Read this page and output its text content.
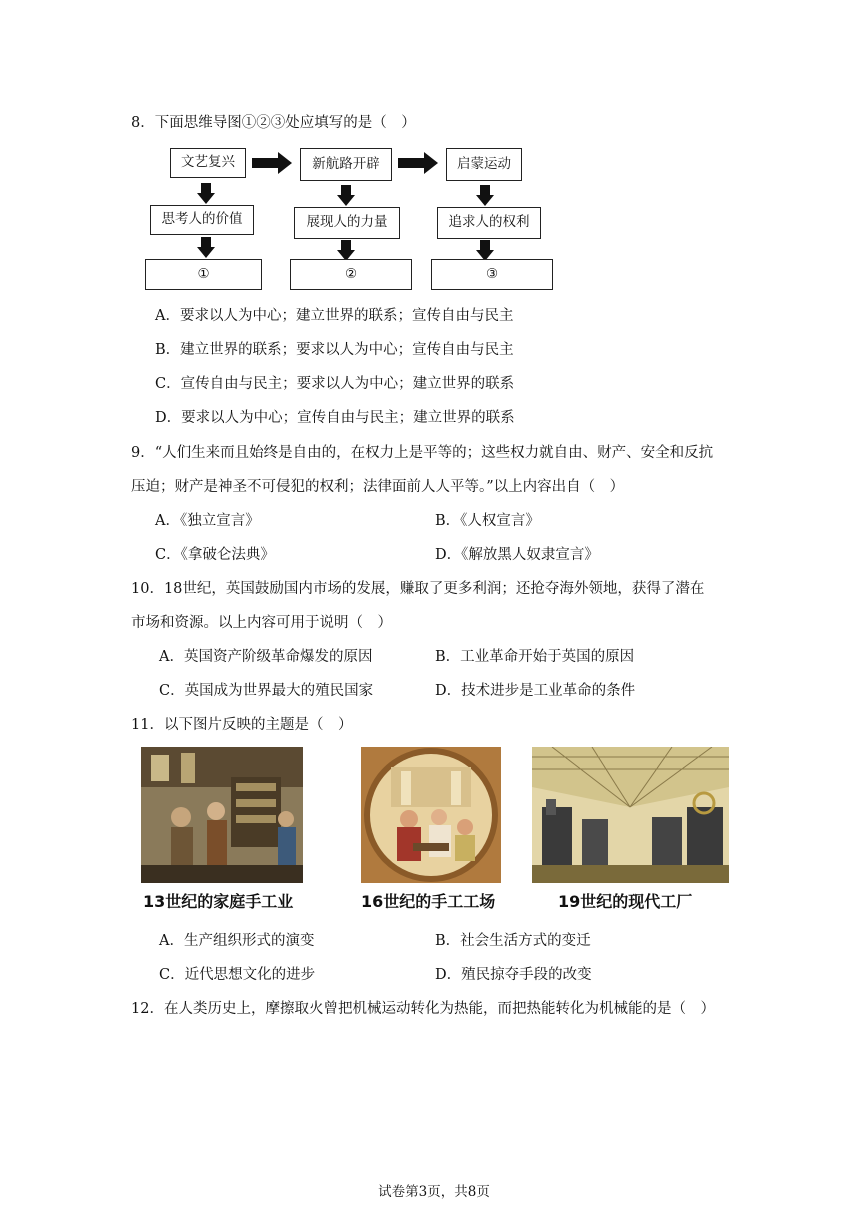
8．下面思维导图①②③处应填写的是（　）
文艺复兴	新航路开辟	启蒙运动
思考人的价值	展现人的力量	追求人的权利
①	②	③
A．要求以人为中心；建立世界的联系；宣传自由与民主
B．建立世界的联系；要求以人为中心；宣传自由与民主
C．宣传自由与民主；要求以人为中心；建立世界的联系
D．要求以人为中心；宣传自由与民主；建立世界的联系
9．“人们生来而且始终是自由的，在权力上是平等的；这些权力就自由、财产、安全和反抗
压迫；财产是神圣不可侵犯的权利；法律面前人人平等。”以上内容出自（　）
A．《独立宣言》	B．《人权宣言》
C．《拿破仑法典》	D．《解放黑人奴隶宣言》
10．18世纪，英国鼓励国内市场的发展，赚取了更多利润；还抢夺海外领地，获得了潜在
市场和资源。以上内容可用于说明（　）
A．英国资产阶级革命爆发的原因	B．工业革命开始于英国的原因
C．英国成为世界最大的殖民国家	D．技术进步是工业革命的条件
11．以下图片反映的主题是（　）
13世纪的家庭手工业	16世纪的手工工场	19世纪的现代工厂
A．生产组织形式的演变	B．社会生活方式的变迁
C．近代思想文化的进步	D．殖民掠夺手段的改变
12．在人类历史上，摩擦取火曾把机械运动转化为热能，而把热能转化为机械能的是（　）
试卷第3页，共8页
